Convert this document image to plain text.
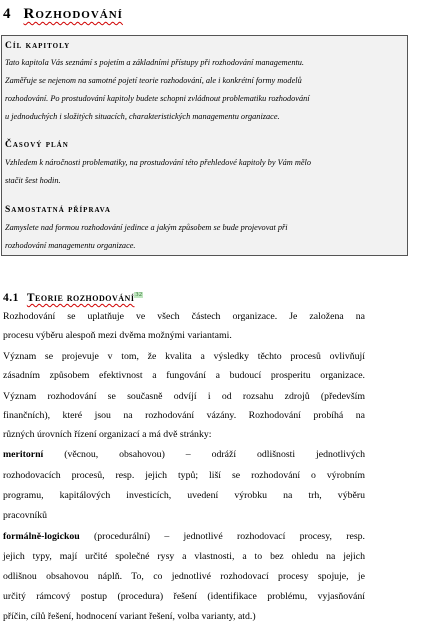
4 Rozhodování
Cíl kapitoly
Tato kapitola Vás seznámí s pojetím a základními přístupy při rozhodování managementu.
Zaměřuje se nejenom na samotné pojetí teorie rozhodování, ale i konkrétní formy modelů
rozhodování. Po prostudování kapitoly budete schopni zvládnout problematiku rozhodování
u jednoduchých i složitých situacích, charakteristických managementu organizace.
Časový plán
Vzhledem k náročnosti problematiky, na prostudování této přehledové kapitoly by Vám mělo
stačit šest hodin.
Samostatná příprava
Zamyslete nad formou rozhodování jedince a jakým způsobem se bude projevovat při
rozhodování managementu organizace.
4.1 Teorie rozhodování$^{32}$
Rozhodování se uplatňuje ve všech částech organizace. Je založena na
procesu výběru alespoň mezi dvěma možnými variantami.
Význam se projevuje v tom, že kvalita a výsledky těchto procesů ovlivňují
zásadním způsobem efektivnost a fungování a budoucí prosperitu organizace.
Význam rozhodování se současně odvíjí i od rozsahu zdrojů (především
finančních), které jsou na rozhodování vázány. Rozhodování probíhá na
různých úrovních řízení organizací a má dvě stránky:
meritorní (věcnou, obsahovou) – odráží odlišnosti jednotlivých
rozhodovacích procesů, resp. jejich typů; liší se rozhodování o výrobním
programu, kapitálových investicích, uvedení výrobku na trh, výběru
pracovníků
formálně-logickou (procedurální) – jednotlivé rozhodovací procesy, resp.
jejich typy, mají určité společné rysy a vlastnosti, a to bez ohledu na jejich
odlišnou obsahovou náplň. To, co jednotlivé rozhodovací procesy spojuje, je
určitý rámcový postup (procedura) řešení (identifikace problému, vyjasňování
příčin, cílů řešení, hodnocení variant řešení, volba varianty, atd.)
